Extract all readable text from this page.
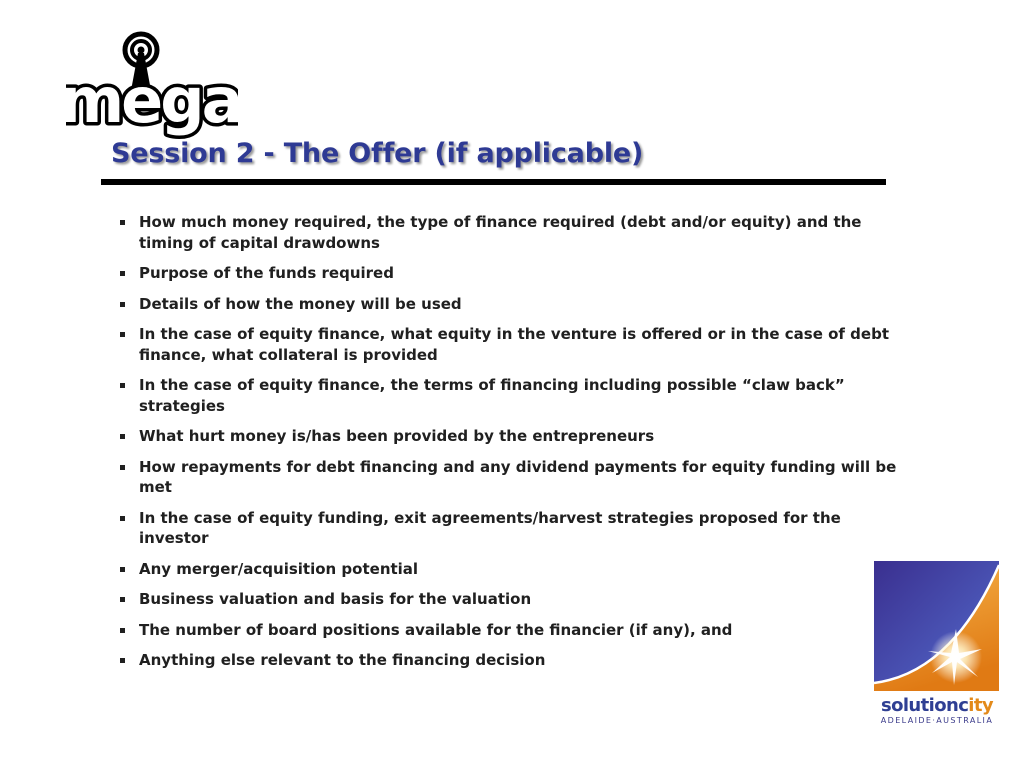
mega
Session 2 - The Offer (if applicable)
How much money required, the type of finance required (debt and/or equity) and the timing of capital drawdowns
Purpose of the funds required
Details of how the money will be used
In the case of equity finance, what equity in the venture is offered or in the case of debt finance, what collateral is provided
In the case of equity finance, the terms of financing including possible “claw back” strategies
What hurt money is/has been provided by the entrepreneurs
How repayments for debt financing and any dividend payments for equity funding will be met
In the case of equity funding, exit agreements/harvest strategies proposed for the investor
Any merger/acquisition potential
Business valuation and basis for the valuation
The number of board positions available for the financier (if any), and
Anything else relevant to the financing decision
solutioncity
ADELAIDE·AUSTRALIA
